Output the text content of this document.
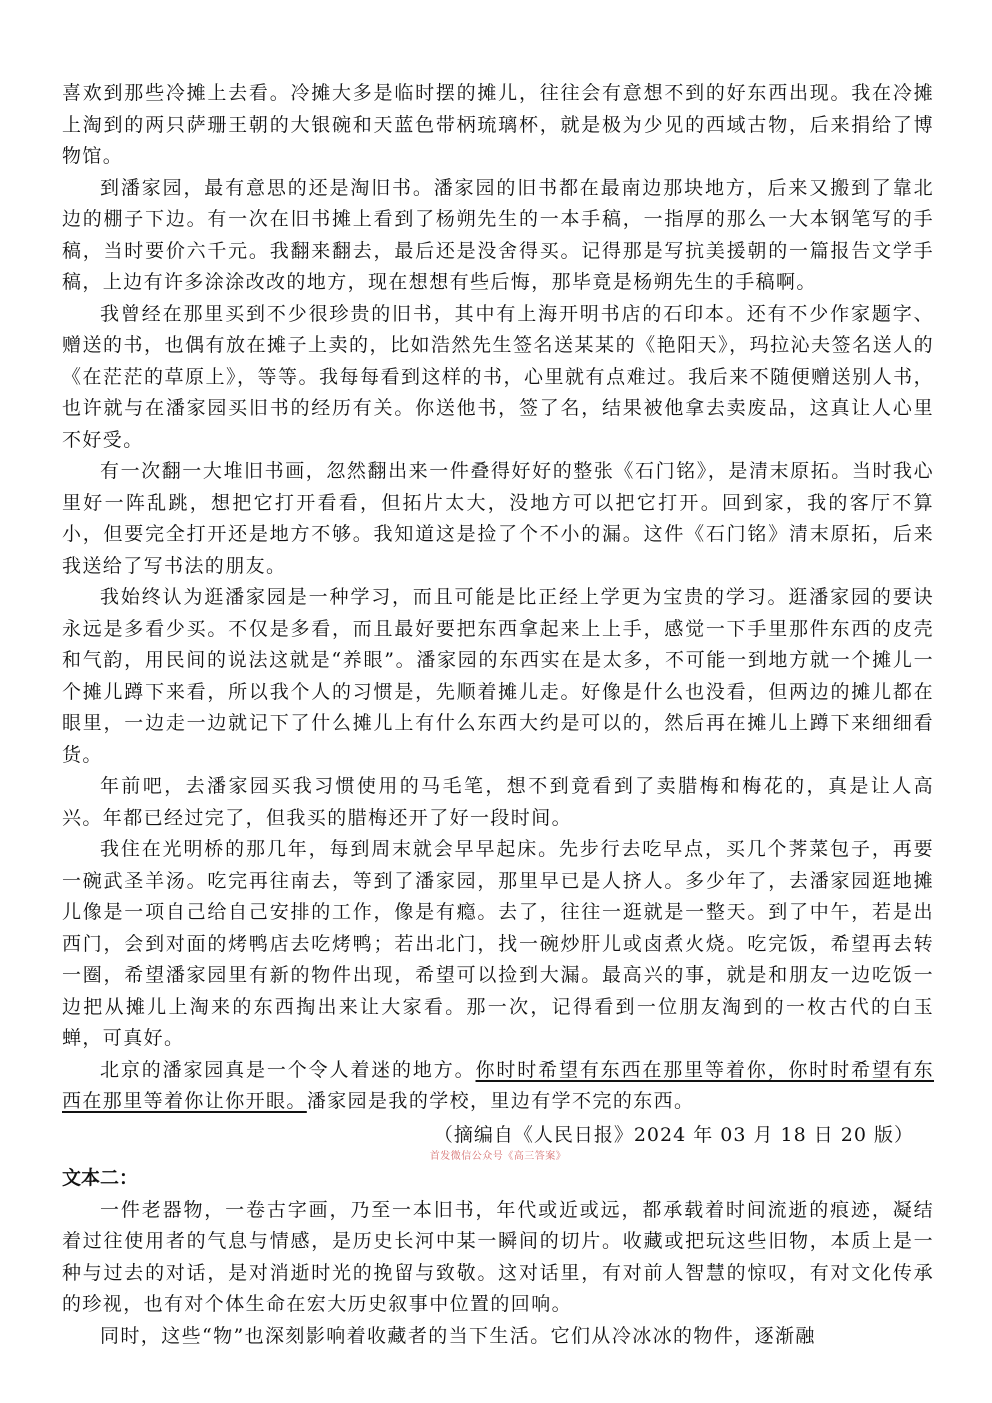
喜欢到那些冷摊上去看。冷摊大多是临时摆的摊儿，往往会有意想不到的好东西出现。我在冷摊上淘到的两只萨珊王朝的大银碗和天蓝色带柄琉璃杯，就是极为少见的西域古物，后来捐给了博物馆。

到潘家园，最有意思的还是淘旧书。潘家园的旧书都在最南边那块地方，后来又搬到了靠北边的棚子下边。有一次在旧书摊上看到了杨朔先生的一本手稿，一指厚的那么一大本钢笔写的手稿，当时要价六千元。我翻来翻去，最后还是没舍得买。记得那是写抗美援朝的一篇报告文学手稿，上边有许多涂涂改改的地方，现在想想有些后悔，那毕竟是杨朔先生的手稿啊。

我曾经在那里买到不少很珍贵的旧书，其中有上海开明书店的石印本。还有不少作家题字、赠送的书，也偶有放在摊子上卖的，比如浩然先生签名送某某的《艳阳天》，玛拉沁夫签名送人的《在茫茫的草原上》，等等。我每每看到这样的书，心里就有点难过。我后来不随便赠送别人书，也许就与在潘家园买旧书的经历有关。你送他书，签了名，结果被他拿去卖废品，这真让人心里不好受。

有一次翻一大堆旧书画，忽然翻出来一件叠得好好的整张《石门铭》，是清末原拓。当时我心里好一阵乱跳，想把它打开看看，但拓片太大，没地方可以把它打开。回到家，我的客厅不算小，但要完全打开还是地方不够。我知道这是捡了个不小的漏。这件《石门铭》清末原拓，后来我送给了写书法的朋友。

我始终认为逛潘家园是一种学习，而且可能是比正经上学更为宝贵的学习。逛潘家园的要诀永远是多看少买。不仅是多看，而且最好要把东西拿起来上上手，感觉一下手里那件东西的皮壳和气韵，用民间的说法这就是“养眼”。潘家园的东西实在是太多，不可能一到地方就一个摊儿一个摊儿蹲下来看，所以我个人的习惯是，先顺着摊儿走。好像是什么也没看，但两边的摊儿都在眼里，一边走一边就记下了什么摊儿上有什么东西大约是可以的，然后再在摊儿上蹲下来细细看货。

年前吧，去潘家园买我习惯使用的马毛笔，想不到竟看到了卖腊梅和梅花的，真是让人高兴。年都已经过完了，但我买的腊梅还开了好一段时间。

我住在光明桥的那几年，每到周末就会早早起床。先步行去吃早点，买几个荠菜包子，再要一碗武圣羊汤。吃完再往南去，等到了潘家园，那里早已是人挤人。多少年了，去潘家园逛地摊儿像是一项自己给自己安排的工作，像是有瘾。去了，往往一逛就是一整天。到了中午，若是出西门，会到对面的烤鸭店去吃烤鸭；若出北门，找一碗炒肝儿或卤煮火烧。吃完饭，希望再去转一圈，希望潘家园里有新的物件出现，希望可以捡到大漏。最高兴的事，就是和朋友一边吃饭一边把从摊儿上淘来的东西掏出来让大家看。那一次，记得看到一位朋友淘到的一枚古代的白玉蝉，可真好。

北京的潘家园真是一个令人着迷的地方。你时时希望有东西在那里等着你，你时时希望有东西在那里等着你让你开眼。潘家园是我的学校，里边有学不完的东西。

（摘编自《人民日报》2024 年 03 月 18 日 20 版）

首发微信公众号《高三答案》

文本二：

一件老器物，一卷古字画，乃至一本旧书，年代或近或远，都承载着时间流逝的痕迹，凝结着过往使用者的气息与情感，是历史长河中某一瞬间的切片。收藏或把玩这些旧物，本质上是一种与过去的对话，是对消逝时光的挽留与致敬。这对话里，有对前人智慧的惊叹，有对文化传承的珍视，也有对个体生命在宏大历史叙事中位置的回响。

同时，这些“物”也深刻影响着收藏者的当下生活。它们从冷冰冰的物件，逐渐融
